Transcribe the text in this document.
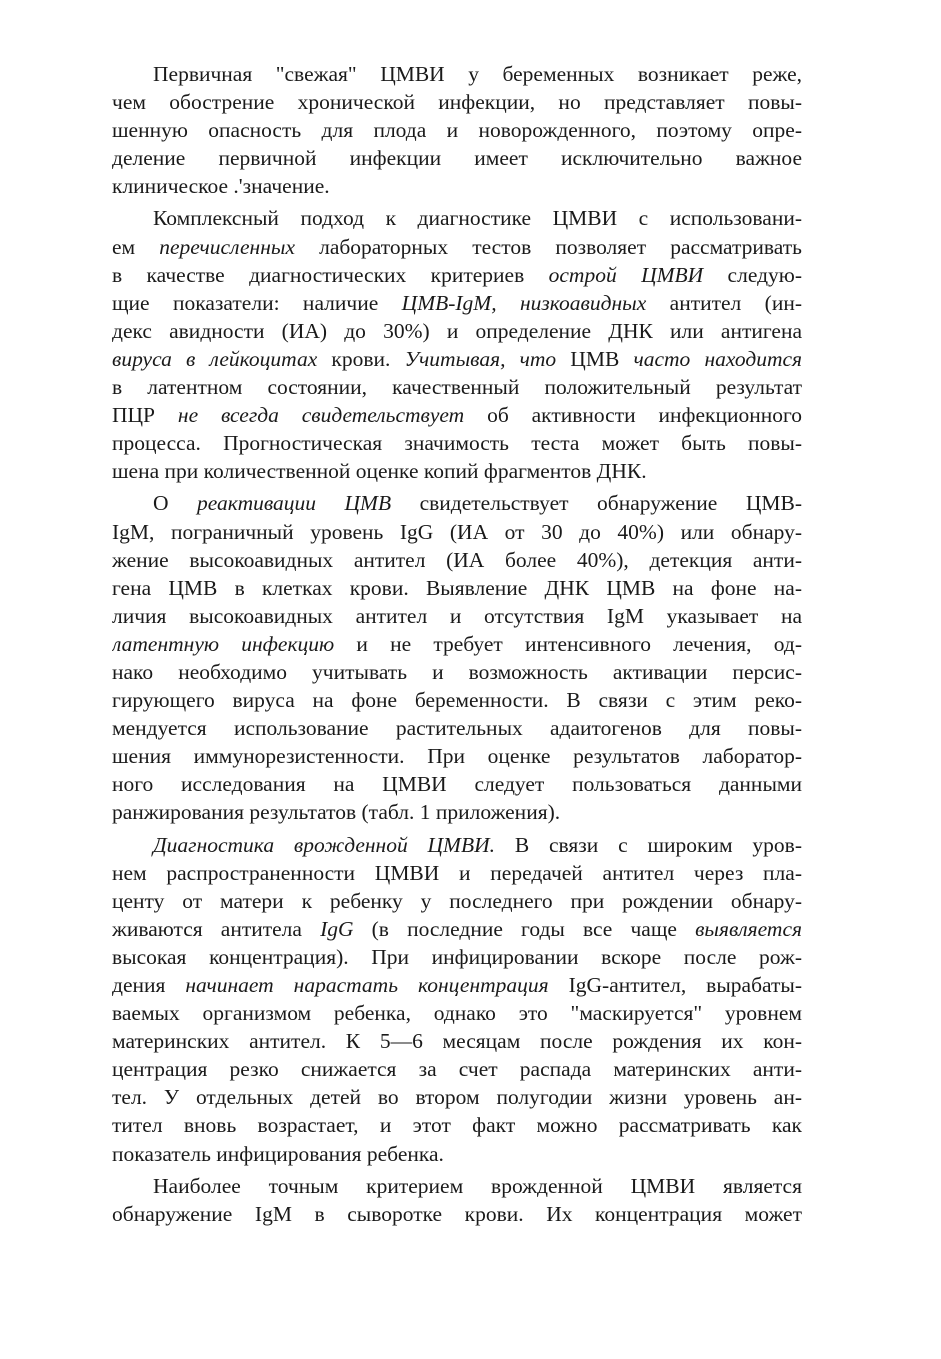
Первичная "свежая" ЦМВИ у беременных возникает реже,
чем обострение хронической инфекции, но представляет повы-
шенную опасность для плода и новорожденного, поэтому опре-
деление первичной инфекции имеет исключительно важное
клиническое .'значение.
Комплексный подход к диагностике ЦМВИ с использовани-
ем перечисленных лабораторных тестов позволяет рассматривать
в качестве диагностических критериев острой ЦМВИ следую-
щие показатели: наличие ЦМВ-IgM, низкоавидных антител (ин-
декс авидности (ИА) до 30%) и определение ДНК или антигена
вируса в лейкоцитах крови. Учитывая, что ЦМВ часто находится
в латентном состоянии, качественный положительный результат
ПЦР не всегда свидетельствует об активности инфекционного
процесса. Прогностическая значимость теста может быть повы-
шена при количественной оценке копий фрагментов ДНК.
О реактивации ЦМВ свидетельствует обнаружение ЦМВ-
IgM, пограничный уровень IgG (ИА от 30 до 40%) или обнару-
жение высокоавидных антител (ИА более 40%), детекция анти-
гена ЦМВ в клетках крови. Выявление ДНК ЦМВ на фоне на-
личия высокоавидных антител и отсутствия IgM указывает на
латентную инфекцию и не требует интенсивного лечения, од-
нако необходимо учитывать и возможность активации персис-
гирующего вируса на фоне беременности. В связи с этим реко-
мендуется использование растительных адаитогенов для повы-
шения иммунорезистенности. При оценке результатов лаборатор-
ного исследования на ЦМВИ следует пользоваться данными
ранжирования результатов (табл. 1 приложения).
Диагностика врожденной ЦМВИ. В связи с широким уров-
нем распространенности ЦМВИ и передачей антител через пла-
центу от матери к ребенку у последнего при рождении обнару-
живаются антитела IgG (в последние годы все чаще выявляется
высокая концентрация). При инфицировании вскоре после рож-
дения начинает нарастать концентрация IgG-антител, вырабаты-
ваемых организмом ребенка, однако это "маскируется" уровнем
материнских антител. К 5—6 месяцам после рождения их кон-
центрация резко снижается за счет распада материнских анти-
тел. У отдельных детей во втором полугодии жизни уровень ан-
тител вновь возрастает, и этот факт можно рассматривать как
показатель инфицирования ребенка.
Наиболее точным критерием врожденной ЦМВИ является
обнаружение IgM в сыворотке крови. Их концентрация может
